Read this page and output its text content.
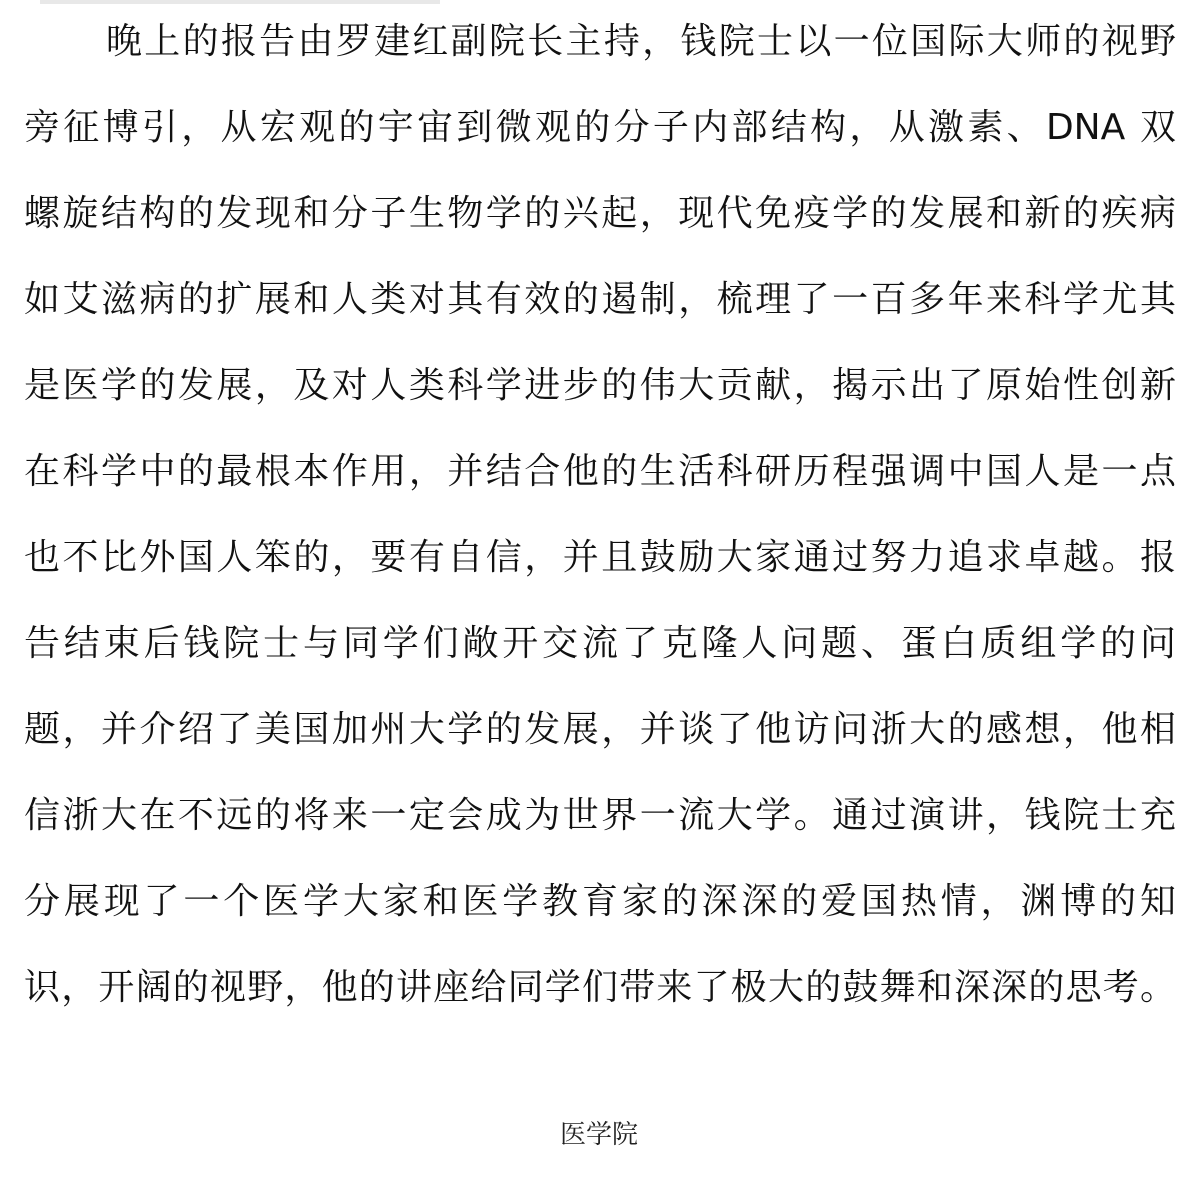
晚上的报告由罗建红副院长主持，钱院士以一位国际大师的视野
旁征博引，从宏观的宇宙到微观的分子内部结构，从激素、DNA 双
螺旋结构的发现和分子生物学的兴起，现代免疫学的发展和新的疾病
如艾滋病的扩展和人类对其有效的遏制，梳理了一百多年来科学尤其
是医学的发展，及对人类科学进步的伟大贡献，揭示出了原始性创新
在科学中的最根本作用，并结合他的生活科研历程强调中国人是一点
也不比外国人笨的，要有自信，并且鼓励大家通过努力追求卓越。报
告结束后钱院士与同学们敞开交流了克隆人问题、蛋白质组学的问
题，并介绍了美国加州大学的发展，并谈了他访问浙大的感想，他相
信浙大在不远的将来一定会成为世界一流大学。通过演讲，钱院士充
分展现了一个医学大家和医学教育家的深深的爱国热情，渊博的知
识，开阔的视野，他的讲座给同学们带来了极大的鼓舞和深深的思考。
医学院
